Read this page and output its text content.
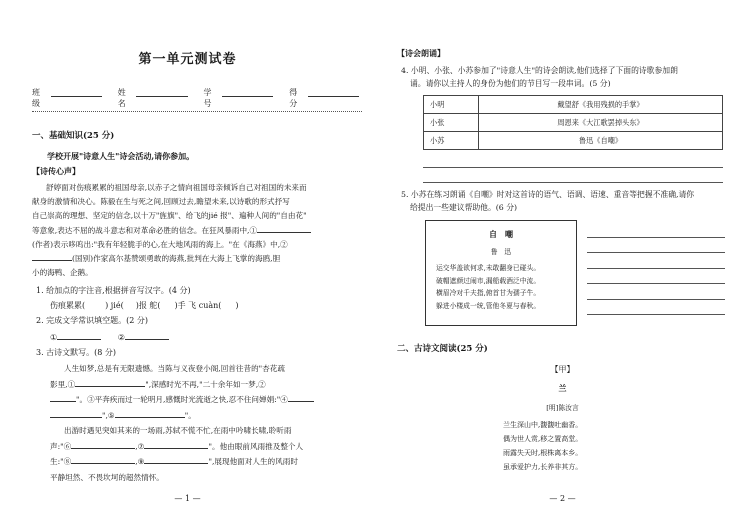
第一单元测试卷
班级
姓名
学号
得分
一、基础知识(25 分)
学校开展"诗意人生"诗会活动,请你参加。
【诗传心声】
舒婷面对伤痕累累的祖国母亲,以赤子之情向祖国母亲倾诉自己对祖国的未来而
献身的激情和决心。陈毅在生与死之间,回顾过去,瞻望未来,以诗歌的形式抒写
自己崇高的理想、坚定的信念,以十万"旌旗"、给飞的jié 报"、遍种人间的"自由花"
等意象,表达不屈的战斗意志和对革命必胜的信念。在狂风暴雨中,①
(作者)表示哆呜出:"我有年轻脆手的心,在大地风雨的海上。"在《海燕》中,②
(国别)作家高尔基赞颂勇敢的海燕,批判在大海上飞掌的海鸥,胆
小的海鸭、企鹅。
1. 给加点的字注音,根据拼音写汉字。(4 分)
伤痕累累(	) jié( )报 舵( )手 飞 cuàn( )
2. 完成文学常识填空题。(2 分)
①	②
3. 古诗文默写。(8 分)
人生如梦,总是有无限遗憾。当陈与义夜登小阁,回首往昔的"杏花疏
影里,①	",深感时光不再,"二十余年如一梦,②
"。③平奔疾而过一轮明月,感慨时光流逝之快,忍不住问婵娟:"④
",⑤	"。
出游时遇见突如其来的一场雨,苏轼不慌不忙,在雨中吟啸长啸,聆听雨
声:"⑥	,⑦	"。他由眼前风雨推及整个人
生:"⑧	,⑨	",展现他面对人生的风雨时
平静坦然、不畏坎坷的超然情怀。
— 1 —
【诗会朗诵】
4. 小明、小张、小苏参加了"诗意人生"的诗会朗读,他们选择了下面的诗歌参加朗
诵。请你以主持人的身份为他们的节目写一段串词。(5 分)
小明	戴望舒《我用残损的手掌》
小张	周恩来《大江歌罢掉头东》
小苏	鲁迅《自嘲》
5. 小苏在练习朗诵《自嘲》时对这首诗的语气、语调、语速、重音等把握不准确,请你
给提出一些建议帮助他。(6 分)
自　嘲
鲁　迅
运交华盖欲何求,未敢翻身已碰头。
破帽遮颜过闹市,漏船载酒泛中流。
横眉冷对千夫指,俯首甘为孺子牛。
躲进小楼成一统,管他冬夏与春秋。
二、古诗文阅读(25 分)
【甲】
兰
[明]陈汝言
兰生深山中,馥馥吐幽香。
偶为世人赏,移之置高堂。
雨露失天时,根株离本乡。
虽承爱护力,长养非其方。
— 2 —
